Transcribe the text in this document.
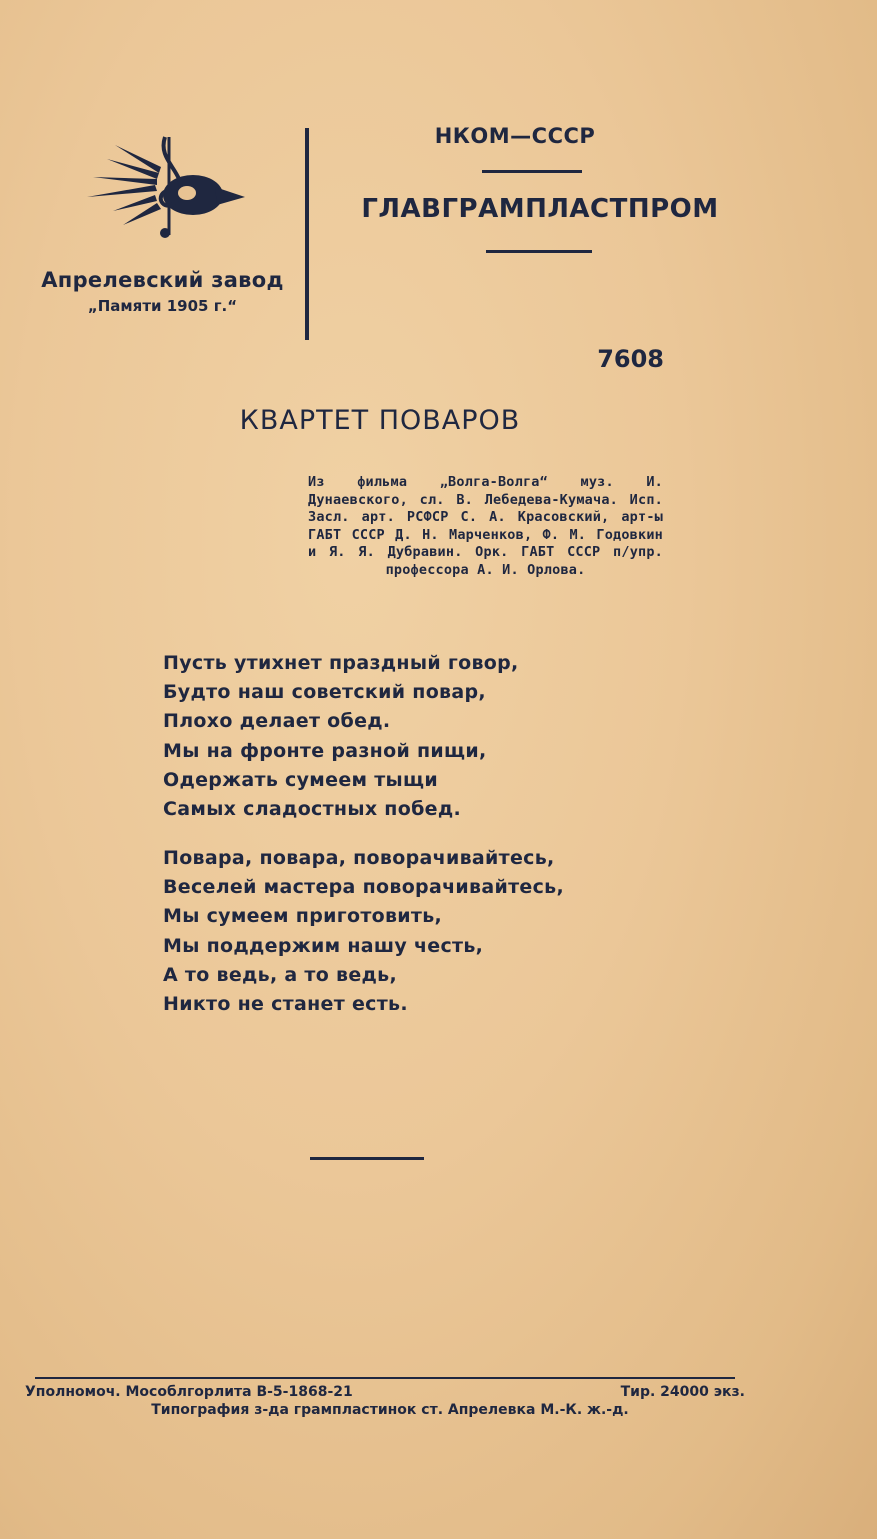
Апрелевский завод
„Памяти 1905 г.“
НКОМ—СССР
ГЛАВГРАМПЛАСТПРОМ
7608
КВАРТЕТ ПОВАРОВ
Из фильма „Волга-Волга“ муз. И. Дунаевского, сл. В. Лебедева-Кумача. Исп. Засл. арт. РСФСР С. А. Красовский, арт-ы ГАБТ СССР Д. Н. Марченков, Ф. М. Годовкин и Я. Я. Дубравин. Орк. ГАБТ СССР п/упр. профессора А. И. Орлова.
Пусть утихнет праздный говор,
Будто наш советский повар,
Плохо делает обед.
Мы на фронте разной пищи,
Одержать сумеем тыщи
Самых сладостных побед.
Повара, повара, поворачивайтесь,
Веселей мастера поворачивайтесь,
Мы сумеем приготовить,
Мы поддержим нашу честь,
А то ведь, а то ведь,
Никто не станет есть.
Уполномоч. Мособлгорлита В-5-1868-21	Тир. 24000 экз.
Типография з-да грампластинок ст. Апрелевка М.-К. ж.-д.
